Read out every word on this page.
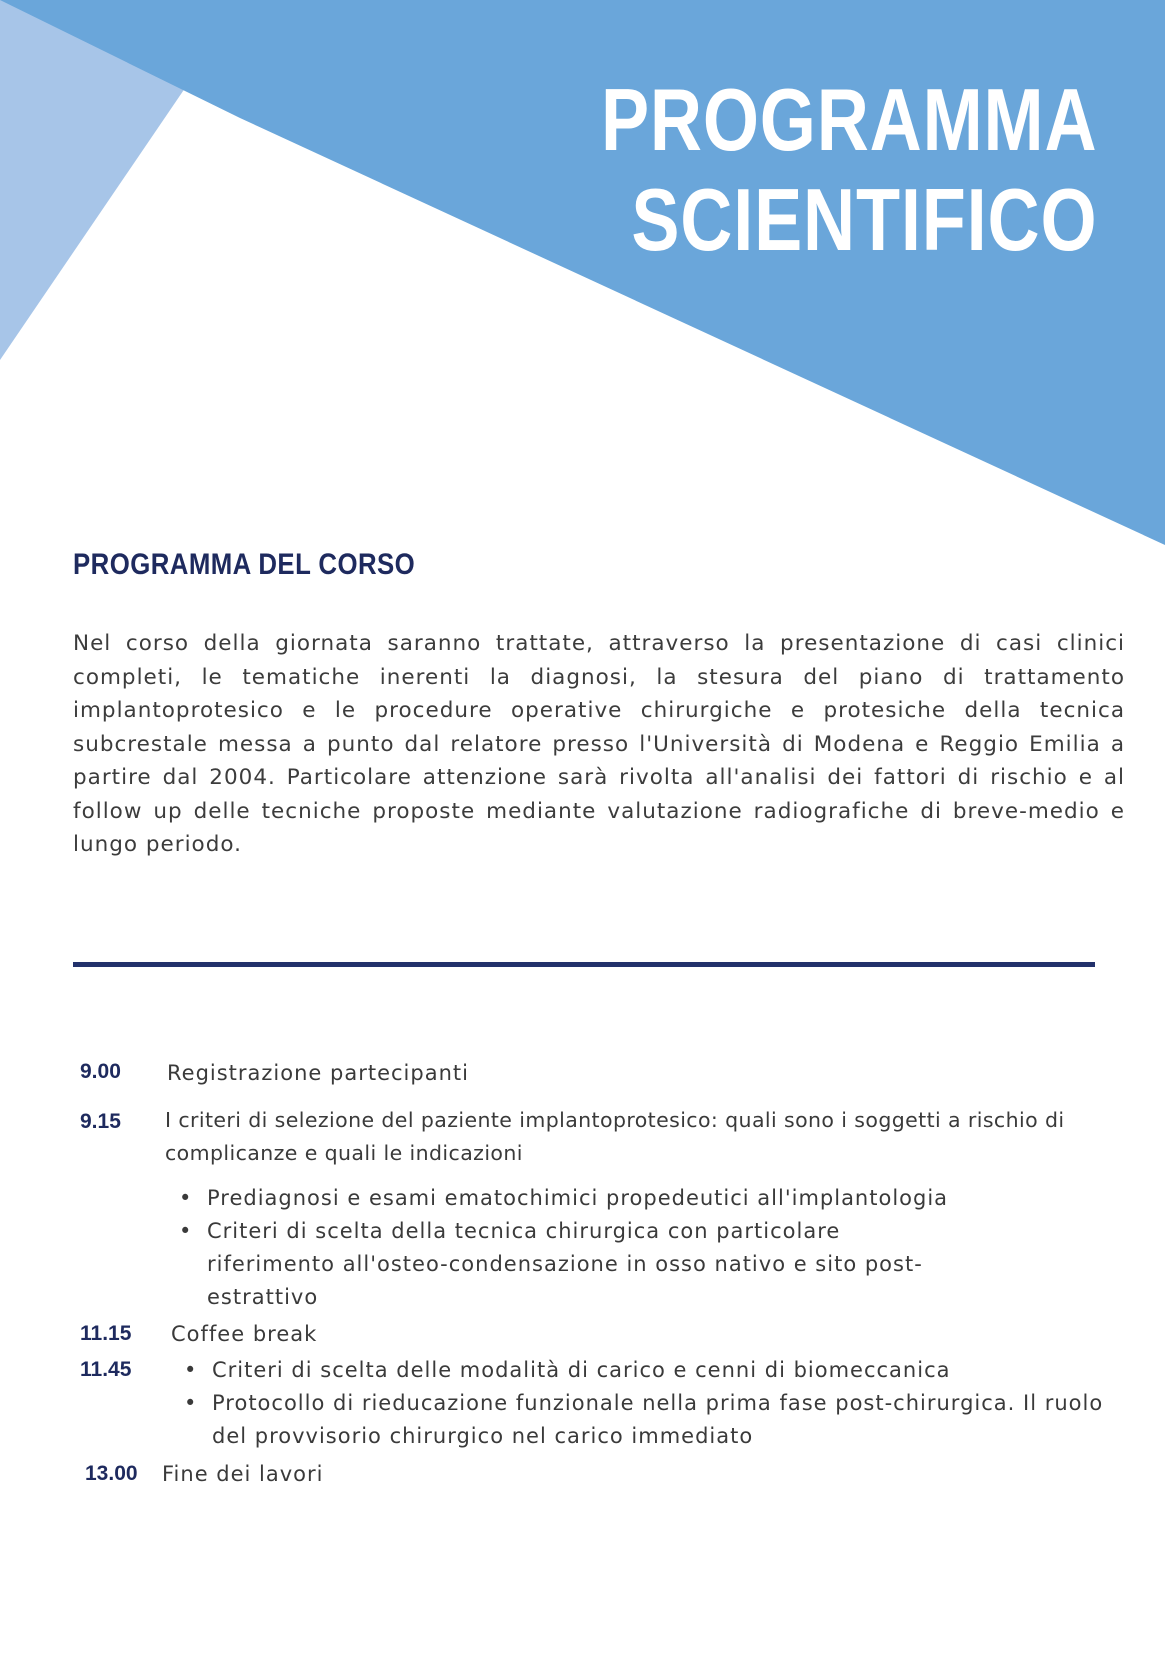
PROGRAMMA
SCIENTIFICO
PROGRAMMA DEL CORSO
Nel corso della giornata saranno trattate, attraverso la presentazione di casi clinici completi, le tematiche inerenti la diagnosi, la stesura del piano di trattamento implantoprotesico e le procedure operative chirurgiche e protesiche della tecnica subcrestale messa a punto dal relatore presso l'Università di Modena e Reggio Emilia a partire dal 2004. Particolare attenzione sarà rivolta all'analisi dei fattori di rischio e al follow up delle tecniche proposte mediante valutazione radiografiche di breve-medio e lungo periodo.
9.00 Registrazione partecipanti
9.15 I criteri di selezione del paziente implantoprotesico: quali sono i soggetti a rischio di complicanze e quali le indicazioni
• Prediagnosi e esami ematochimici propedeutici all'implantologia
• Criteri di scelta della tecnica chirurgica con particolare riferimento all'osteo-condensazione in osso nativo e sito post-estrattivo
11.15 Coffee break
11.45	• Criteri di scelta delle modalità di carico e cenni di biomeccanica
• Protocollo di rieducazione funzionale nella prima fase post-chirurgica. Il ruolo del provvisorio chirurgico nel carico immediato
13.00 Fine dei lavori
